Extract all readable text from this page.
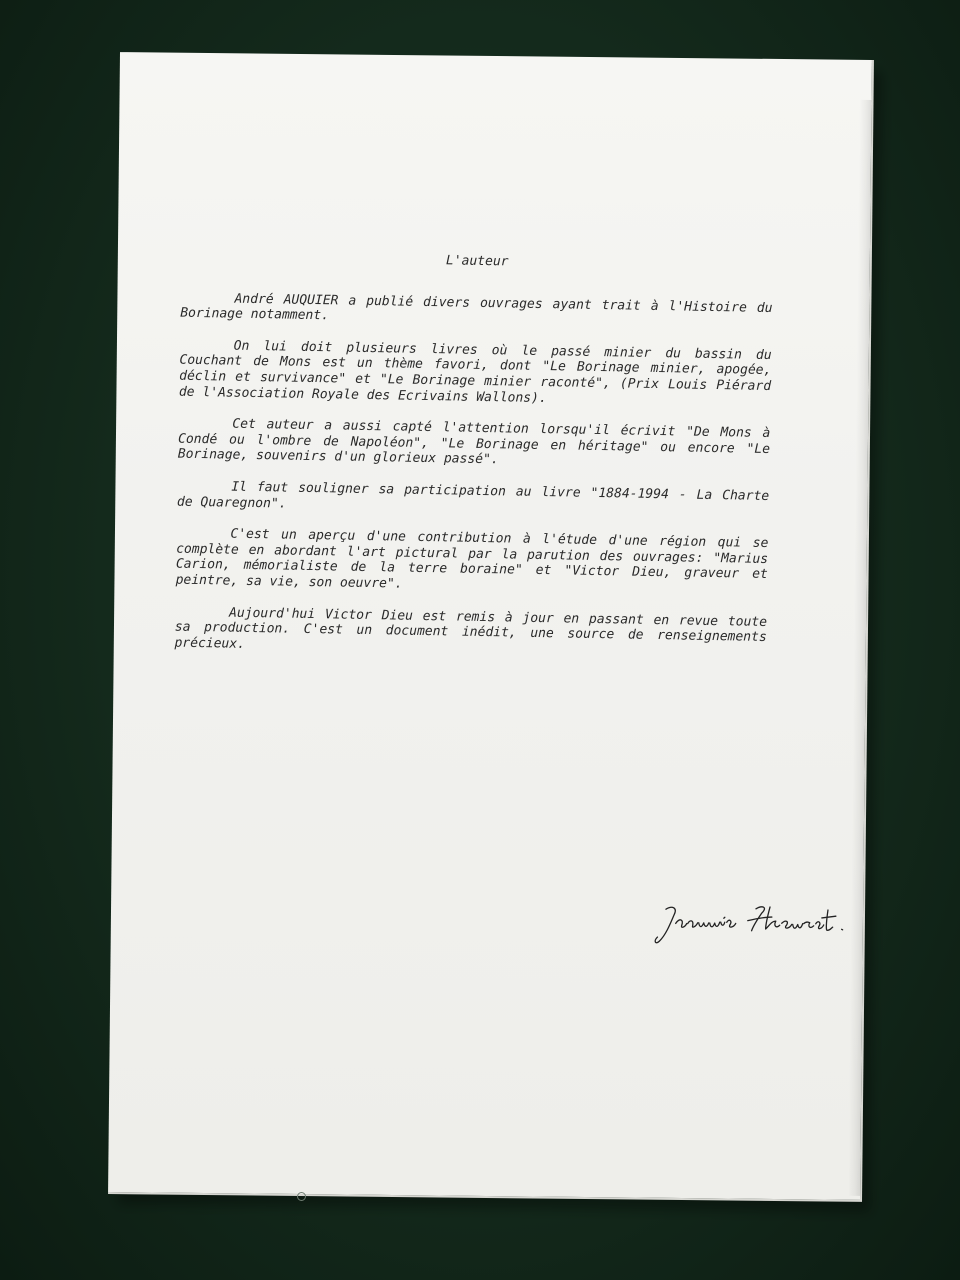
L'auteur

André AUQUIER a publié divers ouvrages ayant trait à l'Histoire du Borinage notamment.

On lui doit plusieurs livres où le passé minier du bassin du Couchant de Mons est un thème favori, dont "Le Borinage minier, apogée, déclin et survivance" et "Le Borinage minier raconté", (Prix Louis Piérard de l'Association Royale des Ecrivains Wallons).

Cet auteur a aussi capté l'attention lorsqu'il écrivit "De Mons à Condé ou l'ombre de Napoléon", "Le Borinage en héritage" ou encore "Le Borinage, souvenirs d'un glorieux passé".

Il faut souligner sa participation au livre "1884-1994 - La Charte de Quaregnon".

C'est un aperçu d'une contribution à l'étude d'une région qui se complète en abordant l'art pictural par la parution des ouvrages: "Marius Carion, mémorialiste de la terre boraine" et "Victor Dieu, graveur et peintre, sa vie, son oeuvre".

Aujourd'hui Victor Dieu est remis à jour en passant en revue toute sa production. C'est un document inédit, une source de renseignements précieux.
